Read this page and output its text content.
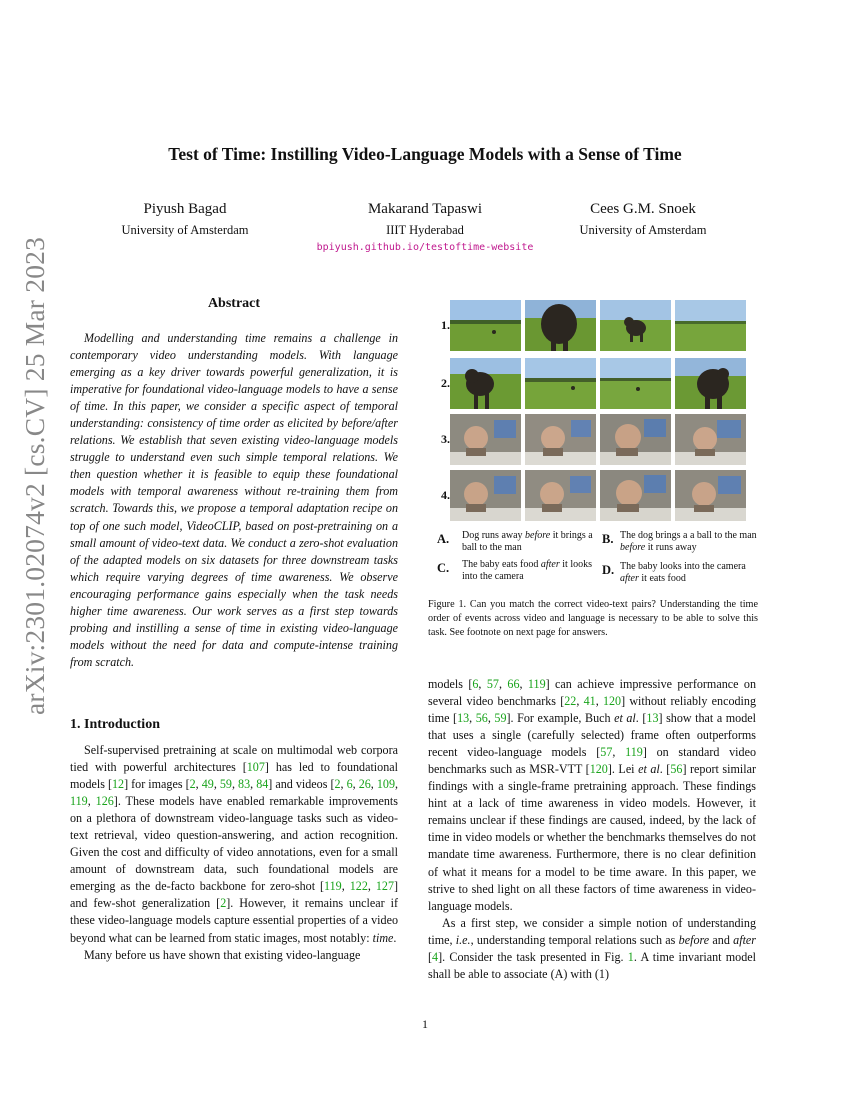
arXiv:2301.02074v2 [cs.CV] 25 Mar 2023
Test of Time: Instilling Video-Language Models with a Sense of Time
Piyush Bagad
University of Amsterdam
Makarand Tapaswi
IIIT Hyderabad
Cees G.M. Snoek
University of Amsterdam
bpiyush.github.io/testoftime-website
Abstract
Modelling and understanding time remains a challenge in contemporary video understanding models. With language emerging as a key driver towards powerful generalization, it is imperative for foundational video-language models to have a sense of time. In this paper, we consider a specific aspect of temporal understanding: consistency of time order as elicited by before/after relations. We establish that seven existing video-language models struggle to understand even such simple temporal relations. We then question whether it is feasible to equip these foundational models with temporal awareness without re-training them from scratch. Towards this, we propose a temporal adaptation recipe on top of one such model, VideoCLIP, based on post-pretraining on a small amount of video-text data. We conduct a zero-shot evaluation of the adapted models on six datasets for three downstream tasks which require varying degrees of time awareness. We observe encouraging performance gains especially when the task needs higher time awareness. Our work serves as a first step towards probing and instilling a sense of time in existing video-language models without the need for data and compute-intense training from scratch.
1. Introduction

Self-supervised pretraining at scale on multimodal web corpora tied with powerful architectures [107] has led to foundational models [12] for images [2, 49, 59, 83, 84] and videos [2, 6, 26, 109, 119, 126]. These models have enabled remarkable improvements on a plethora of downstream video-language tasks such as video-text retrieval, video question-answering, and action recognition. Given the cost and difficulty of video annotations, even for a small amount of downstream data, such foundational models are emerging as the de-facto backbone for zero-shot [119, 122, 127] and few-shot generalization [2]. However, it remains unclear if these video-language models capture essential properties of a video beyond what can be learned from static images, most notably: time.

Many before us have shown that existing video-language

1.
2.
3.
4.
A. Dog runs away before it brings a ball to the man
B. The dog brings a a ball to the man before it runs away
C. The baby eats food after it looks into the camera	D. The baby looks into the camera after it eats food
Figure 1. Can you match the correct video-text pairs? Understanding the time order of events across video and language is necessary to be able to solve this task. See footnote on next page for answers.

models [6, 57, 66, 119] can achieve impressive performance on several video benchmarks [22, 41, 120] without reliably encoding time [13, 56, 59]. For example, Buch et al. [13] show that a model that uses a single (carefully selected) frame often outperforms recent video-language models [57, 119] on standard video benchmarks such as MSR-VTT [120]. Lei et al. [56] report similar findings with a single-frame pretraining approach. These findings hint at a lack of time awareness in video models. However, it remains unclear if these findings are caused, indeed, by the lack of time in video models or whether the benchmarks themselves do not mandate time awareness. Furthermore, there is no clear definition of what it means for a model to be time aware. In this paper, we strive to shed light on all these factors of time awareness in video-language models.

As a first step, we consider a simple notion of understanding time, i.e., understanding temporal relations such as before and after [4]. Consider the task presented in Fig. 1. A time invariant model shall be able to associate (A) with (1)

1
